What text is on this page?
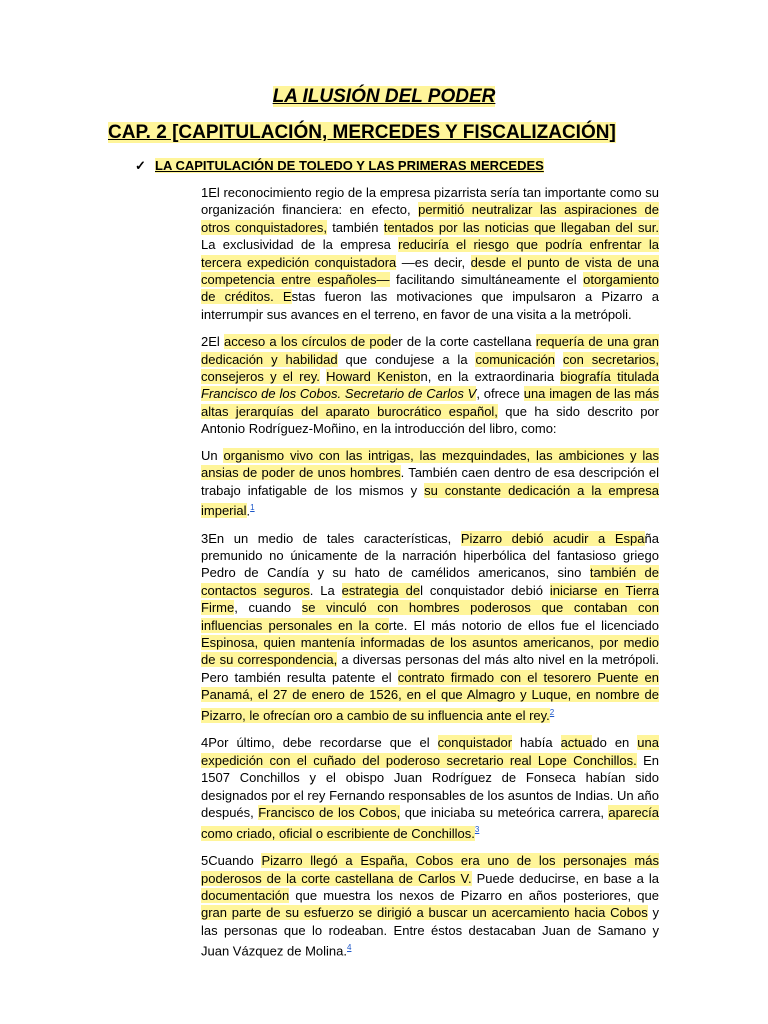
LA ILUSIÓN DEL PODER
CAP. 2 [CAPITULACIÓN, MERCEDES Y FISCALIZACIÓN]
✓ LA CAPITULACIÓN DE TOLEDO Y LAS PRIMERAS MERCEDES

1El reconocimiento regio de la empresa pizarrista sería tan importante como su organización financiera: en efecto, permitió neutralizar las aspiraciones de otros conquistadores, también tentados por las noticias que llegaban del sur. La exclusividad de la empresa reduciría el riesgo que podría enfrentar la tercera expedición conquistadora —es decir, desde el punto de vista de una competencia entre españoles— facilitando simultáneamente el otorgamiento de créditos. Estas fueron las motivaciones que impulsaron a Pizarro a interrumpir sus avances en el terreno, en favor de una visita a la metrópoli.

2El acceso a los círculos de poder de la corte castellana requería de una gran dedicación y habilidad que condujese a la comunicación con secretarios, consejeros y el rey. Howard Keniston, en la extraordinaria biografía titulada Francisco de los Cobos. Secretario de Carlos V, ofrece una imagen de las más altas jerarquías del aparato burocrático español, que ha sido descrito por Antonio Rodríguez-Moñino, en la introducción del libro, como:

Un organismo vivo con las intrigas, las mezquindades, las ambiciones y las ansias de poder de unos hombres. También caen dentro de esa descripción el trabajo infatigable de los mismos y su constante dedicación a la empresa imperial.$^1$

3En un medio de tales características, Pizarro debió acudir a España premunido no únicamente de la narración hiperbólica del fantasioso griego Pedro de Candía y su hato de camélidos americanos, sino también de contactos seguros. La estrategia del conquistador debió iniciarse en Tierra Firme, cuando se vinculó con hombres poderosos que contaban con influencias personales en la corte. El más notorio de ellos fue el licenciado Espinosa, quien mantenía informadas de los asuntos americanos, por medio de su correspondencia, a diversas personas del más alto nivel en la metrópoli. Pero también resulta patente el contrato firmado con el tesorero Puente en Panamá, el 27 de enero de 1526, en el que Almagro y Luque, en nombre de Pizarro, le ofrecían oro a cambio de su influencia ante el rey.$^2$

4Por último, debe recordarse que el conquistador había actuado en una expedición con el cuñado del poderoso secretario real Lope Conchillos. En 1507 Conchillos y el obispo Juan Rodríguez de Fonseca habían sido designados por el rey Fernando responsables de los asuntos de Indias. Un año después, Francisco de los Cobos, que iniciaba su meteórica carrera, aparecía como criado, oficial o escribiente de Conchillos.$^3$

5Cuando Pizarro llegó a España, Cobos era uno de los personajes más poderosos de la corte castellana de Carlos V. Puede deducirse, en base a la documentación que muestra los nexos de Pizarro en años posteriores, que gran parte de su esfuerzo se dirigió a buscar un acercamiento hacia Cobos y las personas que lo rodeaban. Entre éstos destacaban Juan de Samano y Juan Vázquez de Molina.$^4$
